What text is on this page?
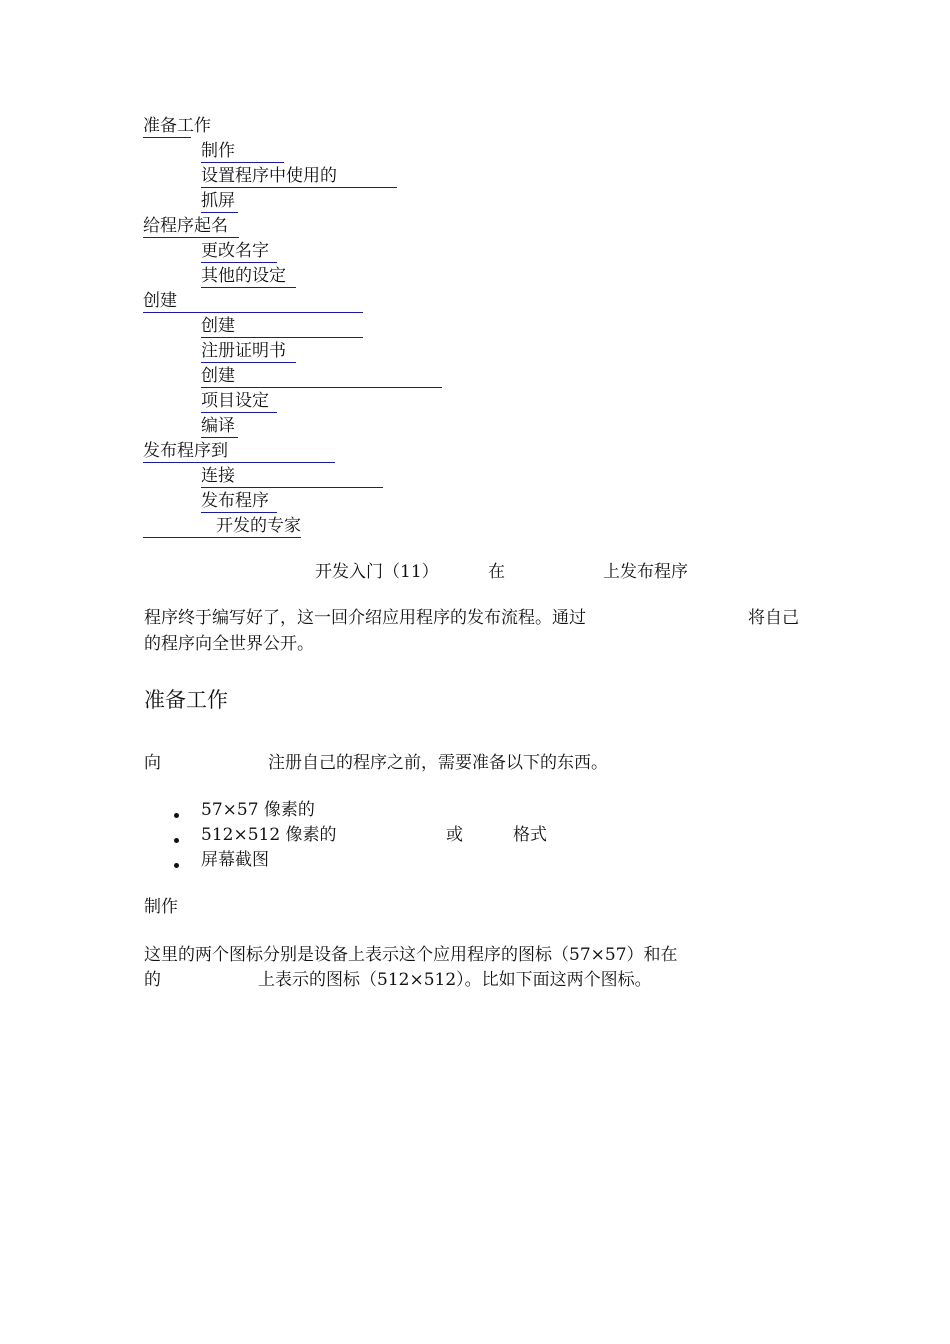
准备工作
制作
设置程序中使用的
抓屏
给程序起名
更改名字
其他的设定
创建
创建
注册证明书
创建
项目设定
编译
发布程序到
连接
发布程序
开发的专家
开发入门（11）	在	上发布程序
程序终于编写好了，这一回介绍应用程序的发布流程。通过	将自己
的程序向全世界公开。
准备工作
向	注册自己的程序之前，需要准备以下的东西。
57×57 像素的
512×512 像素的	或	格式
屏幕截图
制作
这里的两个图标分别是设备上表示这个应用程序的图标（57×57）和在
的	上表示的图标（512×512）。比如下面这两个图标。
